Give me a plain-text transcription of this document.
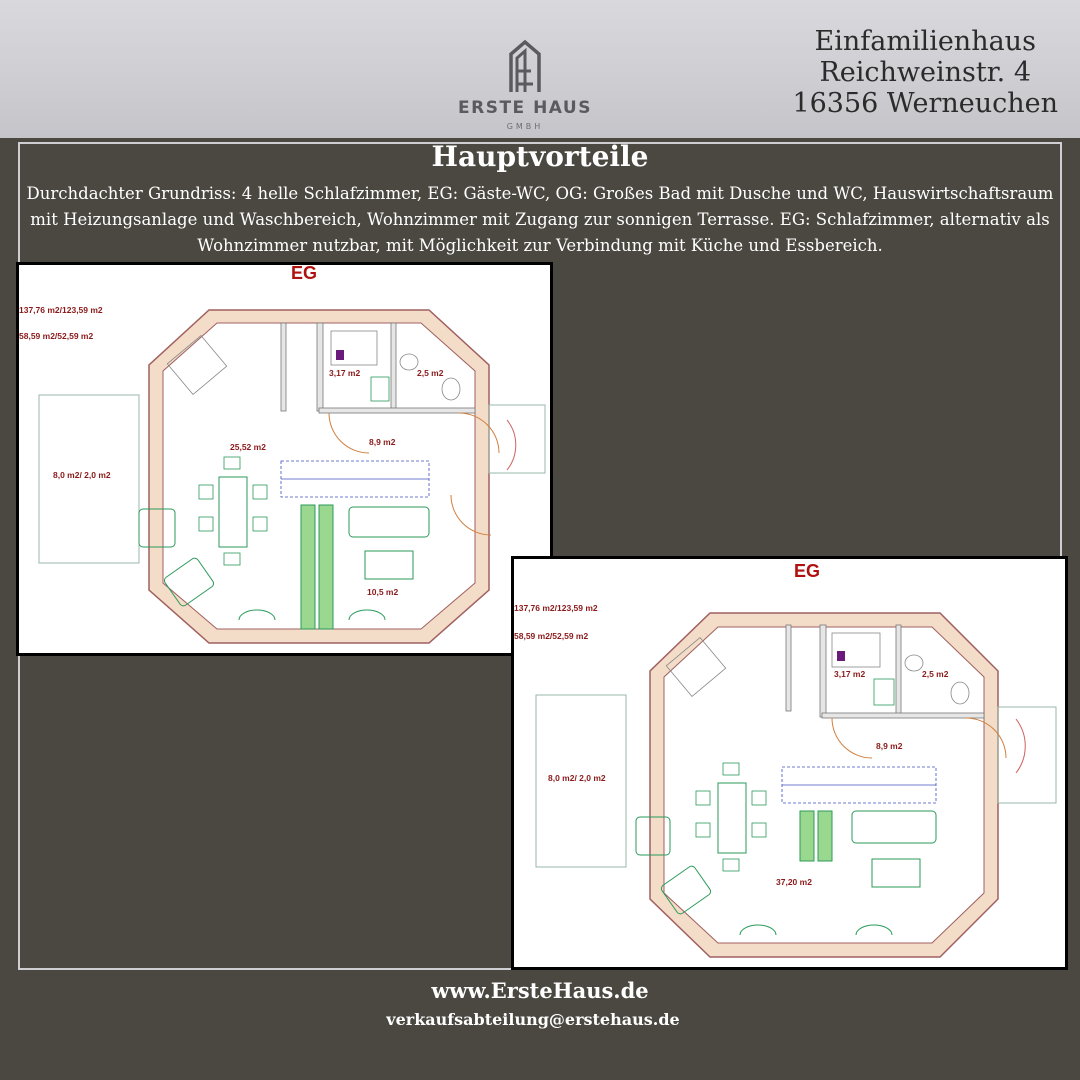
ERSTE HAUS
GMBH
Einfamilienhaus
Reichweinstr. 4
16356 Werneuchen
Hauptvorteile
Durchdachter Grundriss: 4 helle Schlafzimmer, EG: Gäste-WC, OG: Großes Bad mit Dusche und WC, Hauswirtschaftsraum mit Heizungsanlage und Waschbereich, Wohnzimmer mit Zugang zur sonnigen Terrasse. EG: Schlafzimmer, alternativ als Wohnzimmer nutzbar, mit Möglichkeit zur Verbindung mit Küche und Essbereich.
EG
137,76 m2/123,59 m2
58,59 m2/52,59 m2
25,52 m2
3,17 m2	2,5 m2
8,9 m2
8,0 m2/ 2,0 m2
10,5 m2
EG
137,76 m2/123,59 m2
58,59 m2/52,59 m2
3,17 m2	2,5 m2
8,9 m2
8,0 m2/ 2,0 m2
37,20 m2
www.ErsteHaus.de
verkaufsabteilung@erstehaus.de
